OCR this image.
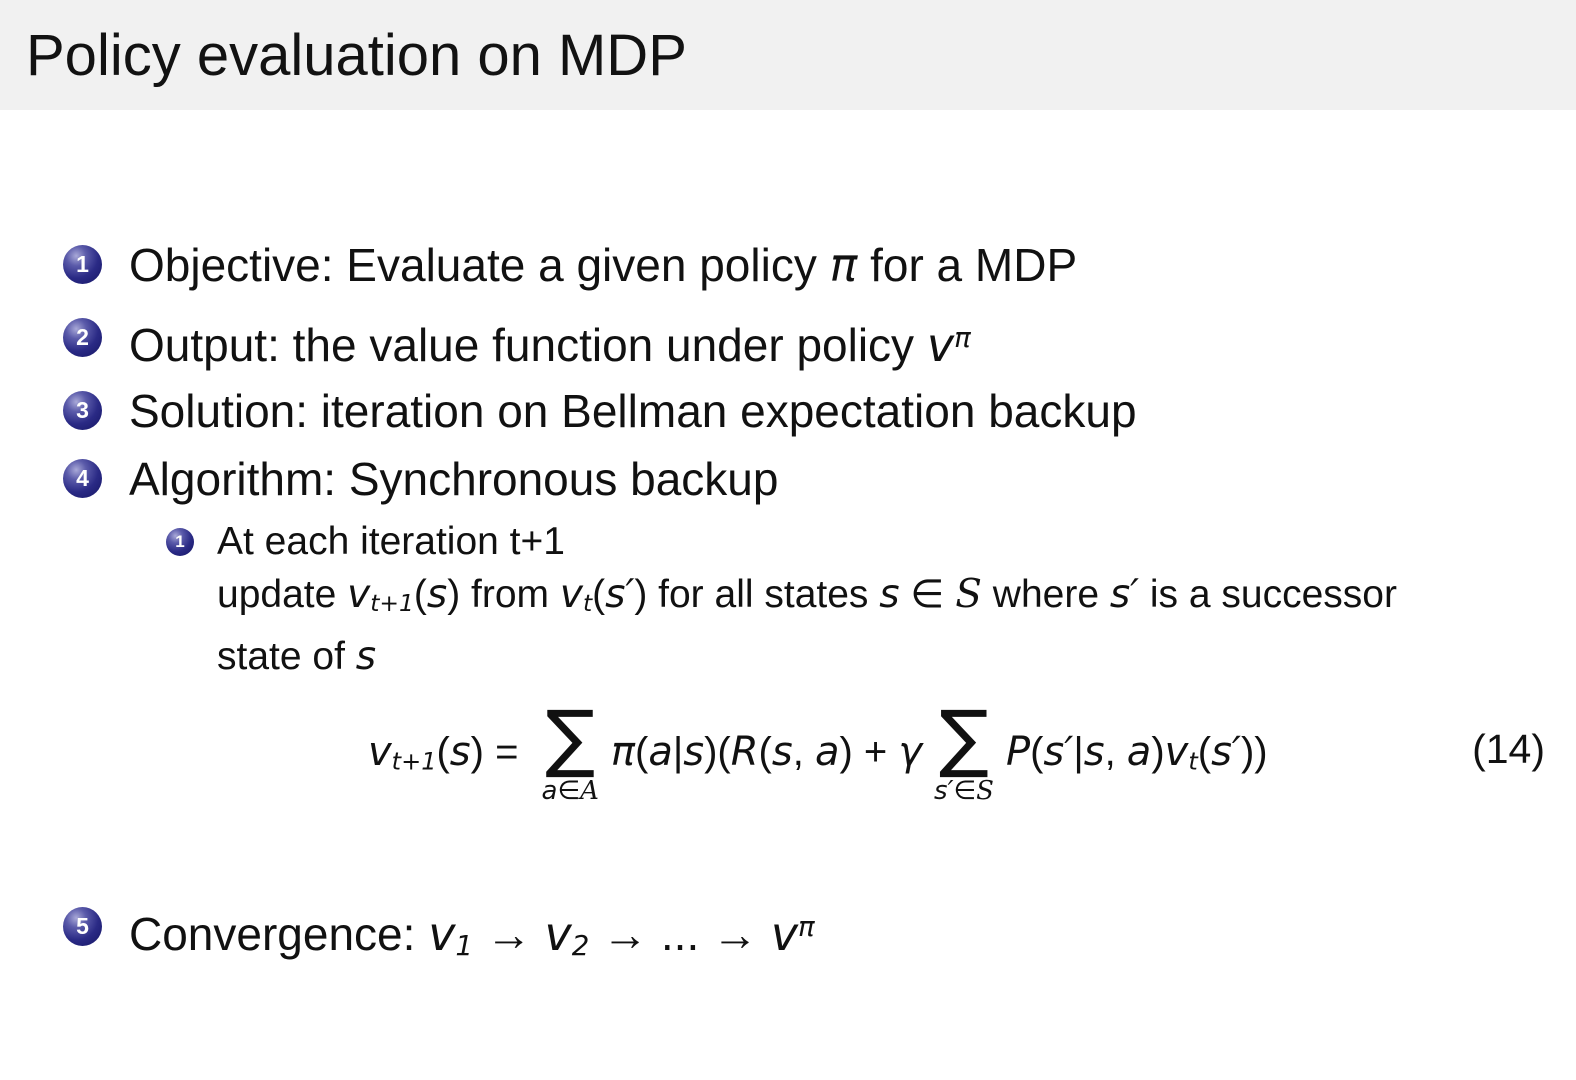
Policy evaluation on MDP
1 Objective: Evaluate a given policy π for a MDP
2 Output: the value function under policy $v^\pi$
3 Solution: iteration on Bellman expectation backup
4 Algorithm: Synchronous backup
1 At each iteration t+1
update vt+1(s) from vt(s′) for all states s ∈ S where s′ is a successor
state of s
vt+1(s) = ∑
a∈A
π(a|s)(R(s, a) + γ ∑
s′∈S
P(s′|s, a)vt(s′))	(14)
5 Convergence: v1 → v2 → ... → $v^\pi$
